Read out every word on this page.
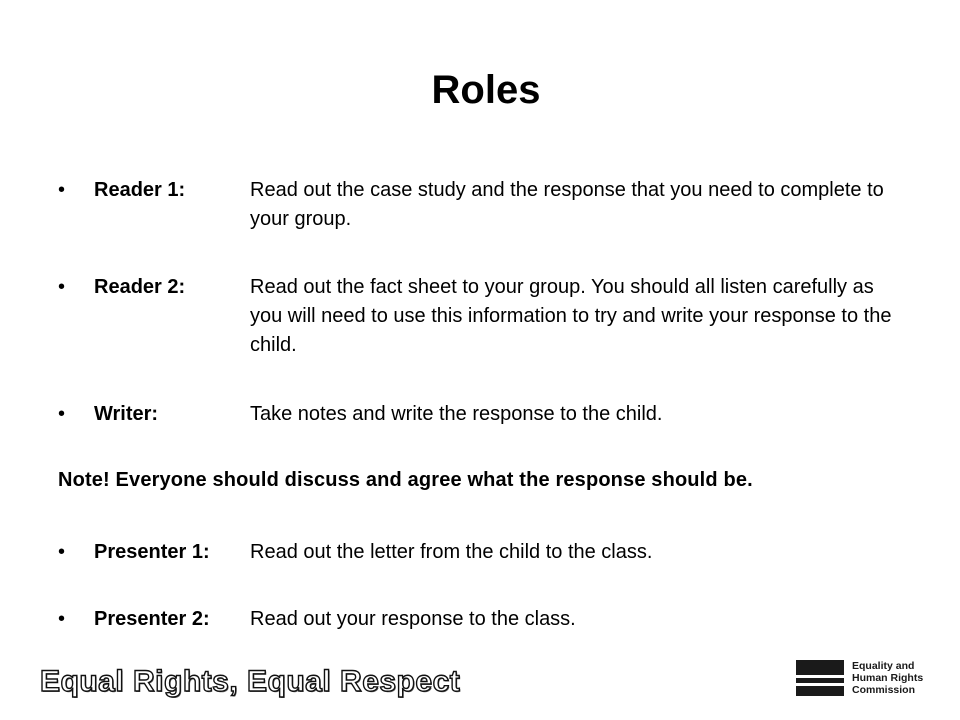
Roles
•	Reader 1:	Read out the case study and the response that you need to complete to your group.
•	Reader 2:	Read out the fact sheet to your group. You should all listen carefully as you will need to use this information to try and write your response to the child.
•	Writer:	Take notes and write the response to the child.
Note! Everyone should discuss and agree what the response should be.
•	Presenter 1: Read out the letter from the child to the class.
•	Presenter 2: Read out your response to the class.
Equal Rights, Equal Respect	Equality and
Human Rights
Commission
